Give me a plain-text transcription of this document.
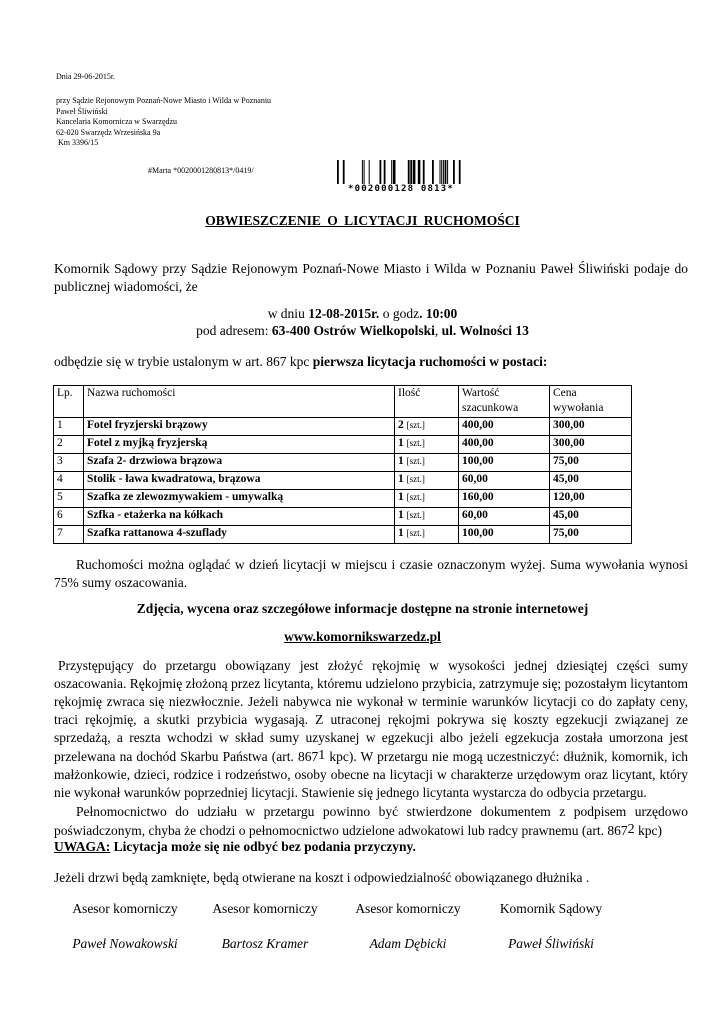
Dnia 29-06-2015r.
przy Sądzie Rejonowym Poznań-Nowe Miasto i Wilda w Poznaniu
Paweł Śliwiński
Kancelaria Komornicza w Swarzędzu
62-020 Swarzędz Wrzesińska 9a
Km 3396/15
#Marta *0020001280813*/0419/
*002000128 0813*
OBWIESZCZENIE O LICYTACJI RUCHOMOŚCI
Komornik Sądowy przy Sądzie Rejonowym Poznań-Nowe Miasto i Wilda w Poznaniu Paweł Śliwiński podaje do publicznej wiadomości, że
w dniu 12-08-2015r. o godz. 10:00
pod adresem: 63-400 Ostrów Wielkopolski, ul. Wolności 13
odbędzie się w trybie ustalonym w art. 867 kpc pierwsza licytacja ruchomości w postaci:
Lp.	Nazwa ruchomości	Ilość	Wartość szacunkowa	Cena wywołania
1	Fotel fryzjerski brązowy	2 [szt.]	400,00	300,00
2	Fotel z myjką fryzjerską	1 [szt.]	400,00	300,00
3	Szafa 2- drzwiowa brązowa	1 [szt.]	100,00	75,00
4	Stolik - ława kwadratowa, brązowa	1 [szt.]	60,00	45,00
5	Szafka ze zlewozmywakiem - umywalką	1 [szt.]	160,00	120,00
6	Szfka - etażerka na kółkach	1 [szt.]	60,00	45,00
7	Szafka rattanowa 4-szuflady	1 [szt.]	100,00	75,00
Ruchomości można oglądać w dzień licytacji w miejscu i czasie oznaczonym wyżej. Suma wywołania wynosi 75% sumy oszacowania.
Zdjęcia, wycena oraz szczegółowe informacje dostępne na stronie internetowej
www.komornikswarzedz.pl
Przystępujący do przetargu obowiązany jest złożyć rękojmię w wysokości jednej dziesiątej części sumy oszacowania. Rękojmię złożoną przez licytanta, któremu udzielono przybicia, zatrzymuje się; pozostałym licytantom rękojmię zwraca się niezwłocznie. Jeżeli nabywca nie wykonał w terminie warunków licytacji co do zapłaty ceny, traci rękojmię, a skutki przybicia wygasają. Z utraconej rękojmi pokrywa się koszty egzekucji związanej ze sprzedażą, a reszta wchodzi w skład sumy uzyskanej w egzekucji albo jeżeli egzekucja została umorzona jest przelewana na dochód Skarbu Państwa (art. $867^1$ kpc). W przetargu nie mogą uczestniczyć: dłużnik, komornik, ich małżonkowie, dzieci, rodzice i rodzeństwo, osoby obecne na licytacji w charakterze urzędowym oraz licytant, który nie wykonał warunków poprzedniej licytacji. Stawienie się jednego licytanta wystarcza do odbycia przetargu.
Pełnomocnictwo do udziału w przetargu powinno być stwierdzone dokumentem z podpisem urzędowo poświadczonym, chyba że chodzi o pełnomocnictwo udzielone adwokatowi lub radcy prawnemu (art. $867^2$ kpc)
UWAGA: Licytacja może się nie odbyć bez podania przyczyny.
Jeżeli drzwi będą zamknięte, będą otwierane na koszt i odpowiedzialność obowiązanego dłużnika .
Asesor komorniczy
Paweł Nowakowski
Asesor komorniczy
Bartosz Kramer
Asesor komorniczy
Adam Dębicki
Komornik Sądowy
Paweł Śliwiński
